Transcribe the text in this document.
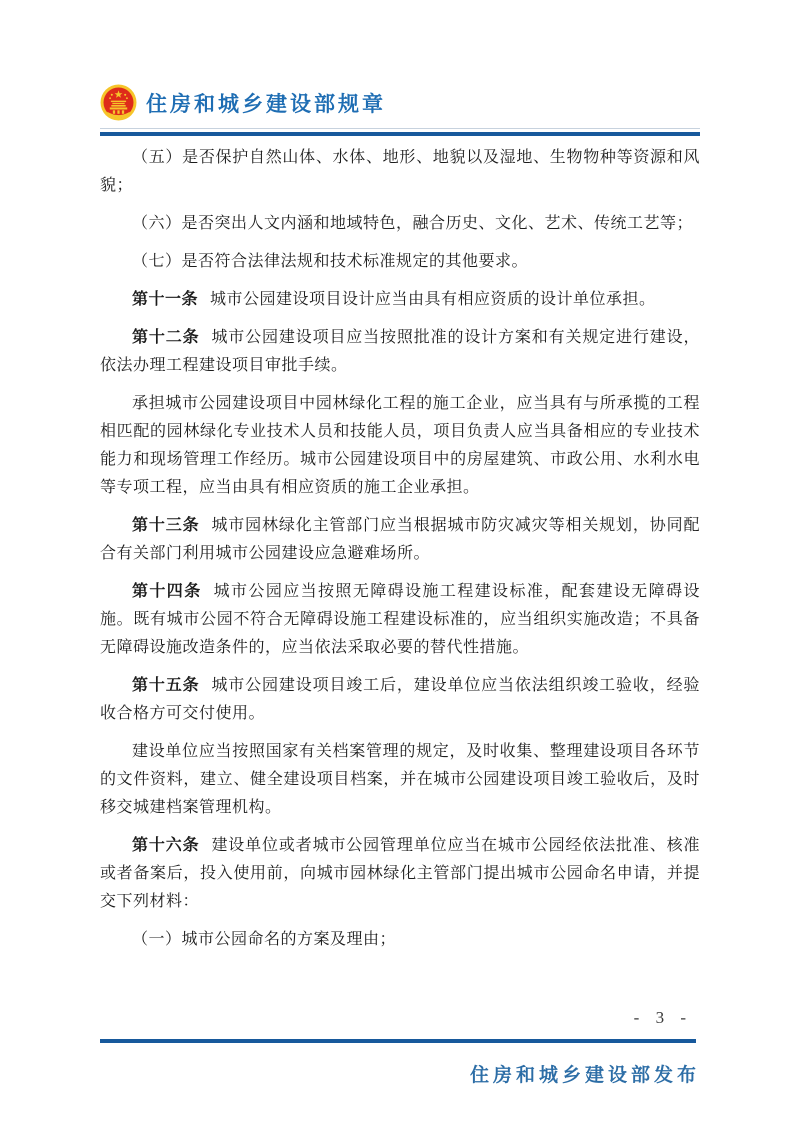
住房和城乡建设部规章

（五）是否保护自然山体、水体、地形、地貌以及湿地、生物物种等资源和风貌；

（六）是否突出人文内涵和地域特色，融合历史、文化、艺术、传统工艺等；

（七）是否符合法律法规和技术标准规定的其他要求。

第十一条 城市公园建设项目设计应当由具有相应资质的设计单位承担。

第十二条 城市公园建设项目应当按照批准的设计方案和有关规定进行建设，依法办理工程建设项目审批手续。

承担城市公园建设项目中园林绿化工程的施工企业，应当具有与所承揽的工程相匹配的园林绿化专业技术人员和技能人员，项目负责人应当具备相应的专业技术能力和现场管理工作经历。城市公园建设项目中的房屋建筑、市政公用、水利水电等专项工程，应当由具有相应资质的施工企业承担。

第十三条 城市园林绿化主管部门应当根据城市防灾减灾等相关规划，协同配合有关部门利用城市公园建设应急避难场所。

第十四条 城市公园应当按照无障碍设施工程建设标准，配套建设无障碍设施。既有城市公园不符合无障碍设施工程建设标准的，应当组织实施改造；不具备无障碍设施改造条件的，应当依法采取必要的替代性措施。

第十五条 城市公园建设项目竣工后，建设单位应当依法组织竣工验收，经验收合格方可交付使用。

建设单位应当按照国家有关档案管理的规定，及时收集、整理建设项目各环节的文件资料，建立、健全建设项目档案，并在城市公园建设项目竣工验收后，及时移交城建档案管理机构。

第十六条 建设单位或者城市公园管理单位应当在城市公园经依法批准、核准或者备案后，投入使用前，向城市园林绿化主管部门提出城市公园命名申请，并提交下列材料：

（一）城市公园命名的方案及理由；

- 3 -
住房和城乡建设部发布
